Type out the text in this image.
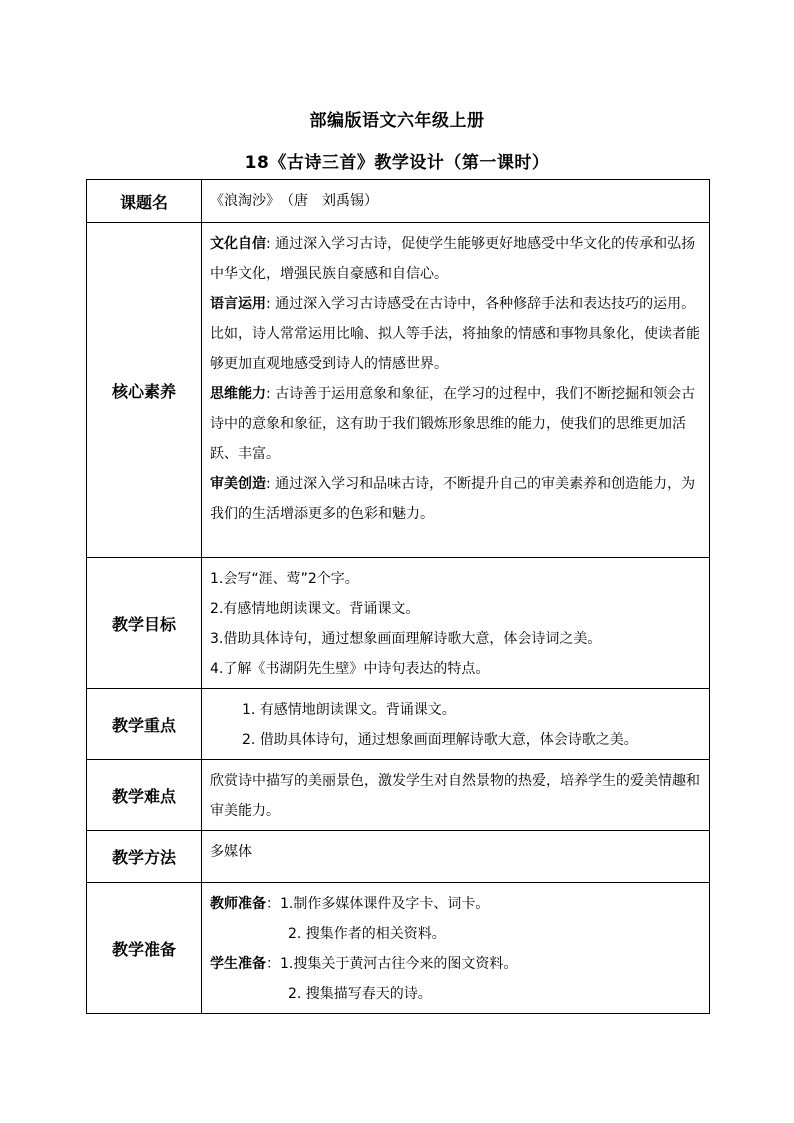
部编版语文六年级上册
18《古诗三首》教学设计（第一课时）
课题名	《浪淘沙》　（唐　刘禹锡）
核心素养	文化自信: 通过深入学习古诗，促使学生能够更好地感受中华文化的传承和弘扬中华文化，增强民族自豪感和自信心。

语言运用: 通过深入学习古诗感受在古诗中，各种修辞手法和表达技巧的运用。比如，诗人常常运用比喻、拟人等手法，将抽象的情感和事物具象化，使读者能够更加直观地感受到诗人的情感世界。

思维能力: 古诗善于运用意象和象征，在学习的过程中，我们不断挖掘和领会古诗中的意象和象征，这有助于我们锻炼形象思维的能力，使我们的思维更加活跃、丰富。

审美创造: 通过深入学习和品味古诗，不断提升自己的审美素养和创造能力，为我们的生活增添更多的色彩和魅力。

教学目标	1.会写“涯、莺”2个字。

2.有感情地朗读课文。背诵课文。

3.借助具体诗句，通过想象画面理解诗歌大意，体会诗词之美。

4.了解《书湖阴先生壁》中诗句表达的特点。

教学重点	1. 有感情地朗读课文。背诵课文。

2. 借助具体诗句，通过想象画面理解诗歌大意，体会诗歌之美。

教学难点	欣赏诗中描写的美丽景色，激发学生对自然景物的热爱，培养学生的爱美情趣和审美能力。
教学方法	多媒体
教学准备	教师准备：1.制作多媒体课件及字卡、词卡。

2. 搜集作者的相关资料。

学生准备：1.搜集关于黄河古往今来的图文资料。

2. 搜集描写春天的诗。
